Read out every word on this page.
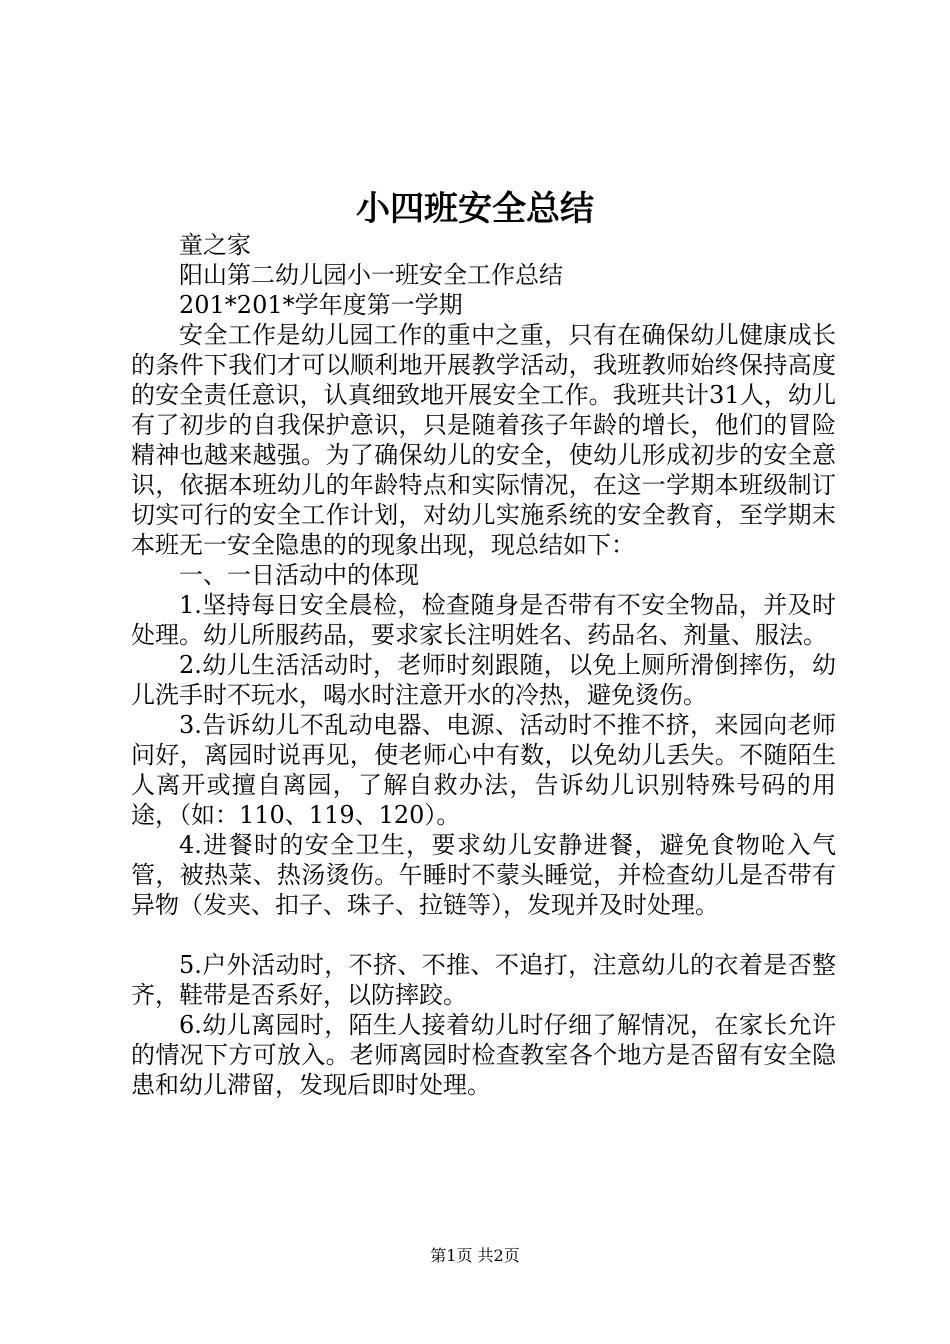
小四班安全总结

童之家

阳山第二幼儿园小一班安全工作总结

201*201*学年度第一学期

安全工作是幼儿园工作的重中之重，只有在确保幼儿健康成长的条件下我们才可以顺利地开展教学活动，我班教师始终保持高度的安全责任意识，认真细致地开展安全工作。我班共计31人，幼儿有了初步的自我保护意识，只是随着孩子年龄的增长，他们的冒险精神也越来越强。为了确保幼儿的安全，使幼儿形成初步的安全意识，依据本班幼儿的年龄特点和实际情况，在这一学期本班级制订切实可行的安全工作计划，对幼儿实施系统的安全教育，至学期末本班无一安全隐患的的现象出现，现总结如下：

一、一日活动中的体现

1.坚持每日安全晨检，检查随身是否带有不安全物品，并及时处理。幼儿所服药品，要求家长注明姓名、药品名、剂量、服法。

2.幼儿生活活动时，老师时刻跟随，以免上厕所滑倒摔伤，幼儿洗手时不玩水，喝水时注意开水的冷热，避免烫伤。

3.告诉幼儿不乱动电器、电源、活动时不推不挤，来园向老师问好，离园时说再见，使老师心中有数，以免幼儿丢失。不随陌生人离开或擅自离园，了解自救办法，告诉幼儿识别特殊号码的用途，（如：110、119、120）。

4.进餐时的安全卫生，要求幼儿安静进餐，避免食物呛入气管，被热菜、热汤烫伤。午睡时不蒙头睡觉，并检查幼儿是否带有异物（发夹、扣子、珠子、拉链等），发现并及时处理。

5.户外活动时，不挤、不推、不追打，注意幼儿的衣着是否整齐，鞋带是否系好，以防摔跤。

6.幼儿离园时，陌生人接着幼儿时仔细了解情况，在家长允许的情况下方可放入。老师离园时检查教室各个地方是否留有安全隐患和幼儿滞留，发现后即时处理。

第1页 共2页
